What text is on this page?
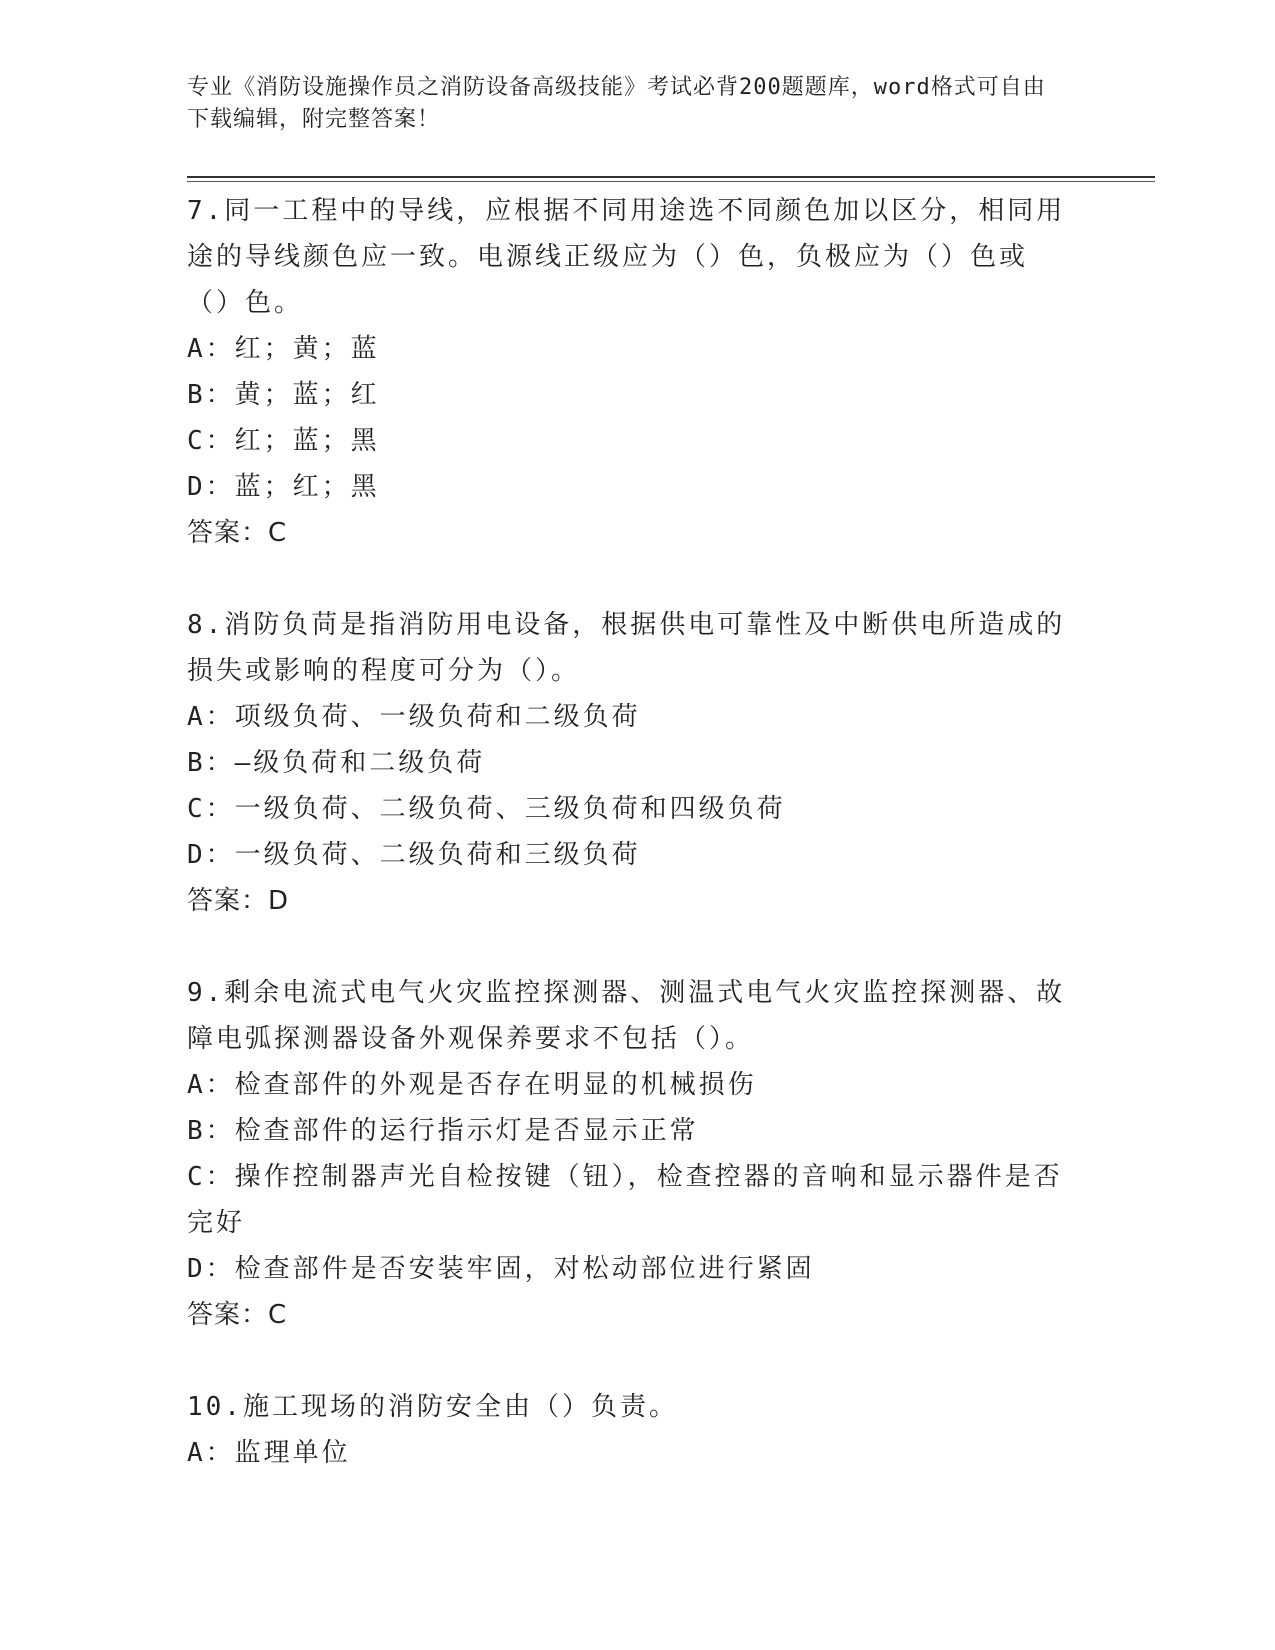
专业《消防设施操作员之消防设备高级技能》考试必背200题题库，word格式可自由下载编辑，附完整答案！

7.同一工程中的导线，应根据不同用途选不同颜色加以区分，相同用途的导线颜色应一致。电源线正级应为（）色，负极应为（）色或（）色。

A：红；黄；蓝

B：黄；蓝；红

C：红；蓝；黑

D：蓝；红；黑

答案：C

8.消防负苘是指消防用电设备，根据供电可靠性及中断供电所造成的损失或影响的程度可分为（）。

A：项级负荷、一级负荷和二级负荷

B：—级负荷和二级负荷

C：一级负荷、二级负荷、三级负荷和四级负荷

D：一级负荷、二级负荷和三级负荷

答案：D

9.剩余电流式电气火灾监控探测器、测温式电气火灾监控探测器、故障电弧探测器设备外观保养要求不包括（）。

A：检查部件的外观是否存在明显的机械损伤

B：检查部件的运行指示灯是否显示正常

C：操作控制器声光自检按键（钮），检查控器的音响和显示器件是否完好

D：检查部件是否安装牢固，对松动部位进行紧固

答案：C

10.施工现场的消防安全由（）负责。

A：监理单位
